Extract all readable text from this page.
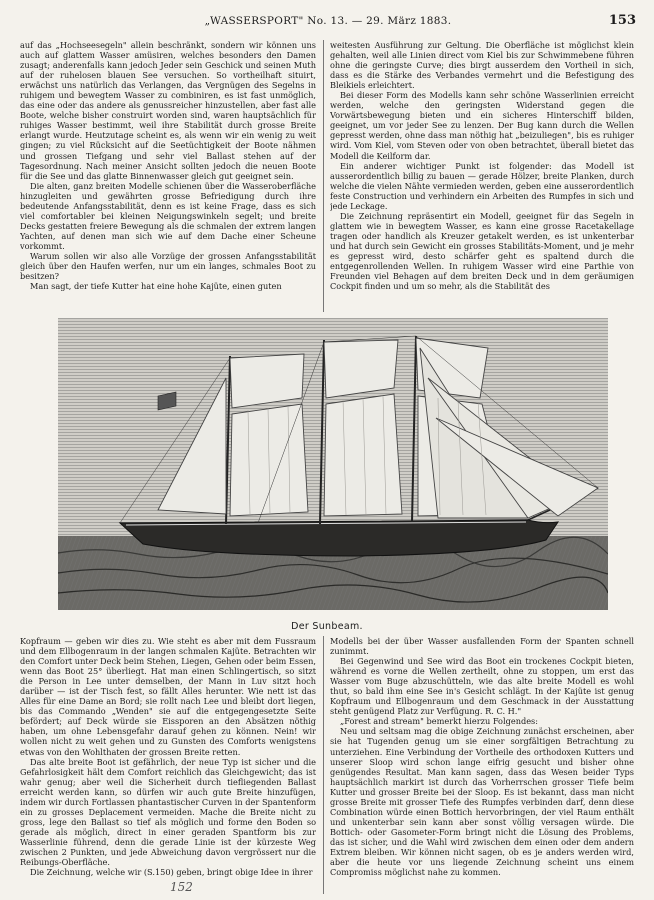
„WASSERSPORT" No. 13. — 29. März 1883.	153

auf das „Hochseesegeln" allein beschränkt, sondern wir können uns auch auf glattem Wasser amüsiren, welches besonders den Damen zusagt; anderenfalls kann jedoch Jeder sein Geschick und seinen Muth auf der ruhelosen blauen See versuchen. So vortheilhaft situirt, erwächst uns natürlich das Verlangen, das Vergnügen des Segelns in ruhigem und bewegtem Wasser zu combiniren, es ist fast unmöglich, das eine oder das andere als genussreicher hinzustellen, aber fast alle Boote, welche bisher construirt worden sind, waren hauptsächlich für ruhiges Wasser bestimmt, weil ihre Stabilität durch grosse Breite erlangt wurde. Heutzutage scheint es, als wenn wir ein wenig zu weit gingen; zu viel Rücksicht auf die Seetüchtigkeit der Boote nähmen und grossen Tiefgang und sehr viel Ballast stehen auf der Tagesordnung. Nach meiner Ansicht sollten jedoch die neuen Boote für die See und das glatte Binnenwasser gleich gut geeignet sein.

Die alten, ganz breiten Modelle schienen über die Wasseroberfläche hinzugleiten und gewährten grosse Befriedigung durch ihre bedeutende Anfangsstabilität, denn es ist keine Frage, dass es sich viel comfortabler bei kleinen Neigungswinkeln segelt; und breite Decks gestatten freiere Bewegung als die schmalen der extrem langen Yachten, auf denen man sich wie auf dem Dache einer Scheune vorkommt.

Warum sollen wir also alle Vorzüge der grossen Anfangsstabilität gleich über den Haufen werfen, nur um ein langes, schmales Boot zu besitzen?

Man sagt, der tiefe Kutter hat eine hohe Kajüte, einen guten

weitesten Ausführung zur Geltung. Die Oberfläche ist möglichst klein gehalten, weil alle Linien direct vom Kiel bis zur Schwimmebene führen ohne die geringste Curve; dies birgt ausserdem den Vortheil in sich, dass es die Stärke des Verbandes vermehrt und die Befestigung des Bleikiels erleichtert.

Bei dieser Form des Modells kann sehr schöne Wasserlinien erreicht werden, welche den geringsten Widerstand gegen die Vorwärtsbewegung bieten und ein sicheres Hinterschiff bilden, geeignet, um vor jeder See zu lenzen. Der Bug kann durch die Wellen gepresst werden, ohne dass man nöthig hat „beizuliegen", bis es ruhiger wird. Vom Kiel, vom Steven oder von oben betrachtet, überall bietet das Modell die Keilform dar.

Ein anderer wichtiger Punkt ist folgender: das Modell ist ausserordentlich billig zu bauen — gerade Hölzer, breite Planken, durch welche die vielen Nähte vermieden werden, geben eine ausserordentlich feste Construction und verhindern ein Arbeiten des Rumpfes in sich und jede Leckage.

Die Zeichnung repräsentirt ein Modell, geeignet für das Segeln in glattem wie in bewegtem Wasser, es kann eine grosse Racetakellage tragen oder handlich als Kreuzer getakelt werden, es ist unkenterbar und hat durch sein Gewicht ein grosses Stabilitäts-Moment, und je mehr es gepresst wird, desto schärfer geht es spaltend durch die entgegenrollenden Wellen. In ruhigem Wasser wird eine Parthie von Freunden viel Behagen auf dem breiten Deck und in dem geräumigen Cockpit finden und um so mehr, als die Stabilität des

Der Sunbeam.

Kopfraum — geben wir dies zu. Wie steht es aber mit dem Fussraum und dem Ellbogenraum in der langen schmalen Kajüte. Betrachten wir den Comfort unter Deck beim Stehen, Liegen, Gehen oder beim Essen, wenn das Boot 25° überliegt. Hat man einen Schlingertisch, so sitzt die Person in Lee unter demselben, der Mann in Luv sitzt hoch darüber — ist der Tisch fest, so fällt Alles herunter. Wie nett ist das Alles für eine Dame an Bord; sie rollt nach Lee und bleibt dort liegen, bis das Commando „Wenden" sie auf die entgegengesetzte Seite befördert; auf Deck würde sie Eissporen an den Absätzen nöthig haben, um ohne Lebensgefahr darauf gehen zu können. Nein! wir wollen nicht zu weit gehen und zu Gunsten des Comforts wenigstens etwas von den Wohlthaten der grossen Breite retten.

Das alte breite Boot ist gefährlich, der neue Typ ist sicher und die Gefahrlosigkeit hält dem Comfort reichlich das Gleichgewicht; das ist wahr genug; aber weil die Sicherheit durch tiefliegenden Ballast erreicht werden kann, so dürfen wir auch gute Breite hinzufügen, indem wir durch Fortlassen phantastischer Curven in der Spantenform ein zu grosses Deplacement vermeiden. Mache die Breite nicht zu gross, lege den Ballast so tief als möglich und forme den Boden so gerade als möglich, direct in einer geraden Spantform bis zur Wasserlinie führend, denn die gerade Linie ist der kürzeste Weg zwischen 2 Punkten, und jede Abweichung davon vergrössert nur die Reibungs-Oberfläche.

Die Zeichnung, welche wir (S.150) geben, bringt obige Idee in ihrer

Modells bei der über Wasser ausfallenden Form der Spanten schnell zunimmt.

Bei Gegenwind und See wird das Boot ein trockenes Cockpit bieten, während es vorne die Wellen zertheilt, ohne zu stoppen, um erst das Wasser vom Buge abzuschütteln, wie das alte breite Modell es wohl thut, so bald ihm eine See in's Gesicht schlägt. In der Kajüte ist genug Kopfraum und Ellbogenraum und dem Geschmack in der Ausstattung steht genügend Platz zur Verfügung. R. C. H."

„Forest and stream" bemerkt hierzu Folgendes:

Neu und seltsam mag die obige Zeichnung zunächst erscheinen, aber sie hat Tugenden genug um sie einer sorgfältigen Betrachtung zu unterziehen. Eine Verbindung der Vortheile des orthodoxen Kutters und unserer Sloop wird schon lange eifrig gesucht und bisher ohne genügendes Resultat. Man kann sagen, dass das Wesen beider Typs hauptsächlich markirt ist durch das Vorherrschen grosser Tiefe beim Kutter und grosser Breite bei der Sloop. Es ist bekannt, dass man nicht grosse Breite mit grosser Tiefe des Rumpfes verbinden darf, denn diese Combination würde einen Bottich hervorbringen, der viel Raum enthält und unkenterbar sein kann aber sonst völlig versagen würde. Die Bottich- oder Gasometer-Form bringt nicht die Lösung des Problems, das ist sicher, und die Wahl wird zwischen dem einen oder dem andern Extrem bleiben. Wir können nicht sagen, ob es je anders werden wird, aber die heute vor uns liegende Zeichnung scheint uns einem Compromiss möglichst nahe zu kommen.

152
